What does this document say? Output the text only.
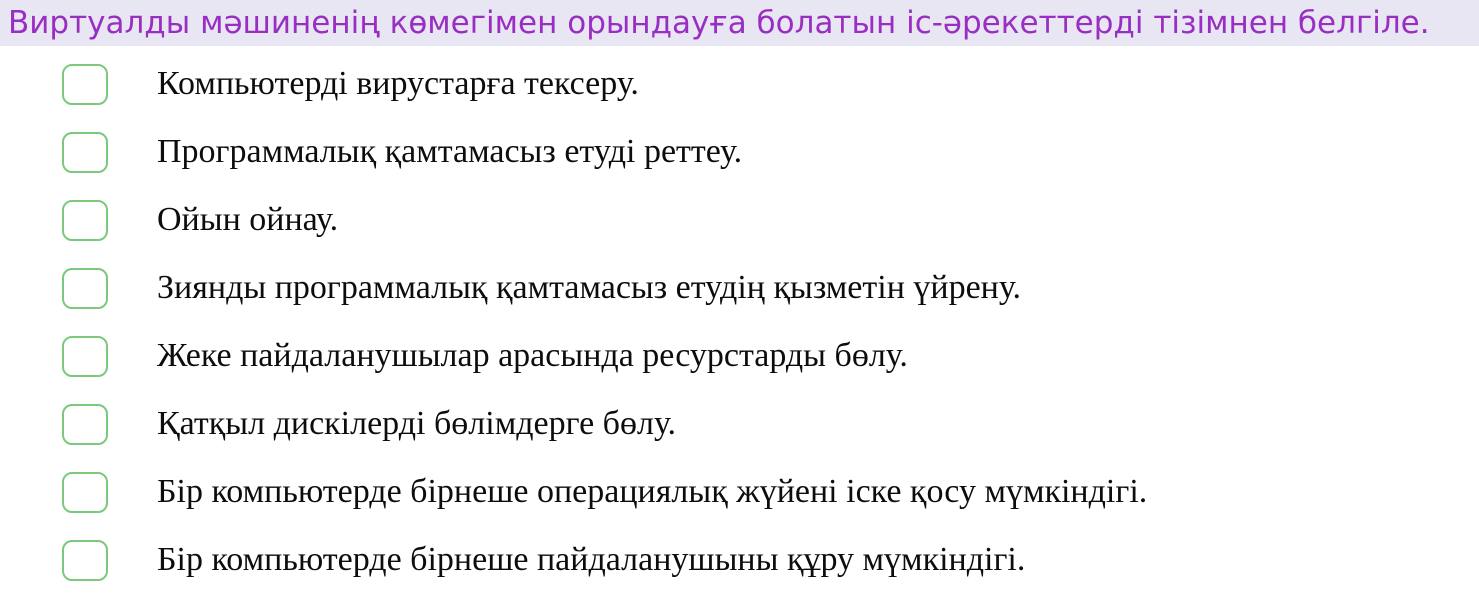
Виртуалды мәшиненің көмегімен орындауға болатын іс-әрекеттерді тізімнен белгіле.
Компьютерді вирустарға тексеру.
Программалық қамтамасыз етуді реттеу.
Ойын ойнау.
Зиянды программалық қамтамасыз етудің қызметін үйрену.
Жеке пайдаланушылар арасында ресурстарды бөлу.
Қатқыл дискілерді бөлімдерге бөлу.
Бір компьютерде бірнеше операциялық жүйені іске қосу мүмкіндігі.
Бір компьютерде бірнеше пайдаланушыны құру мүмкіндігі.
